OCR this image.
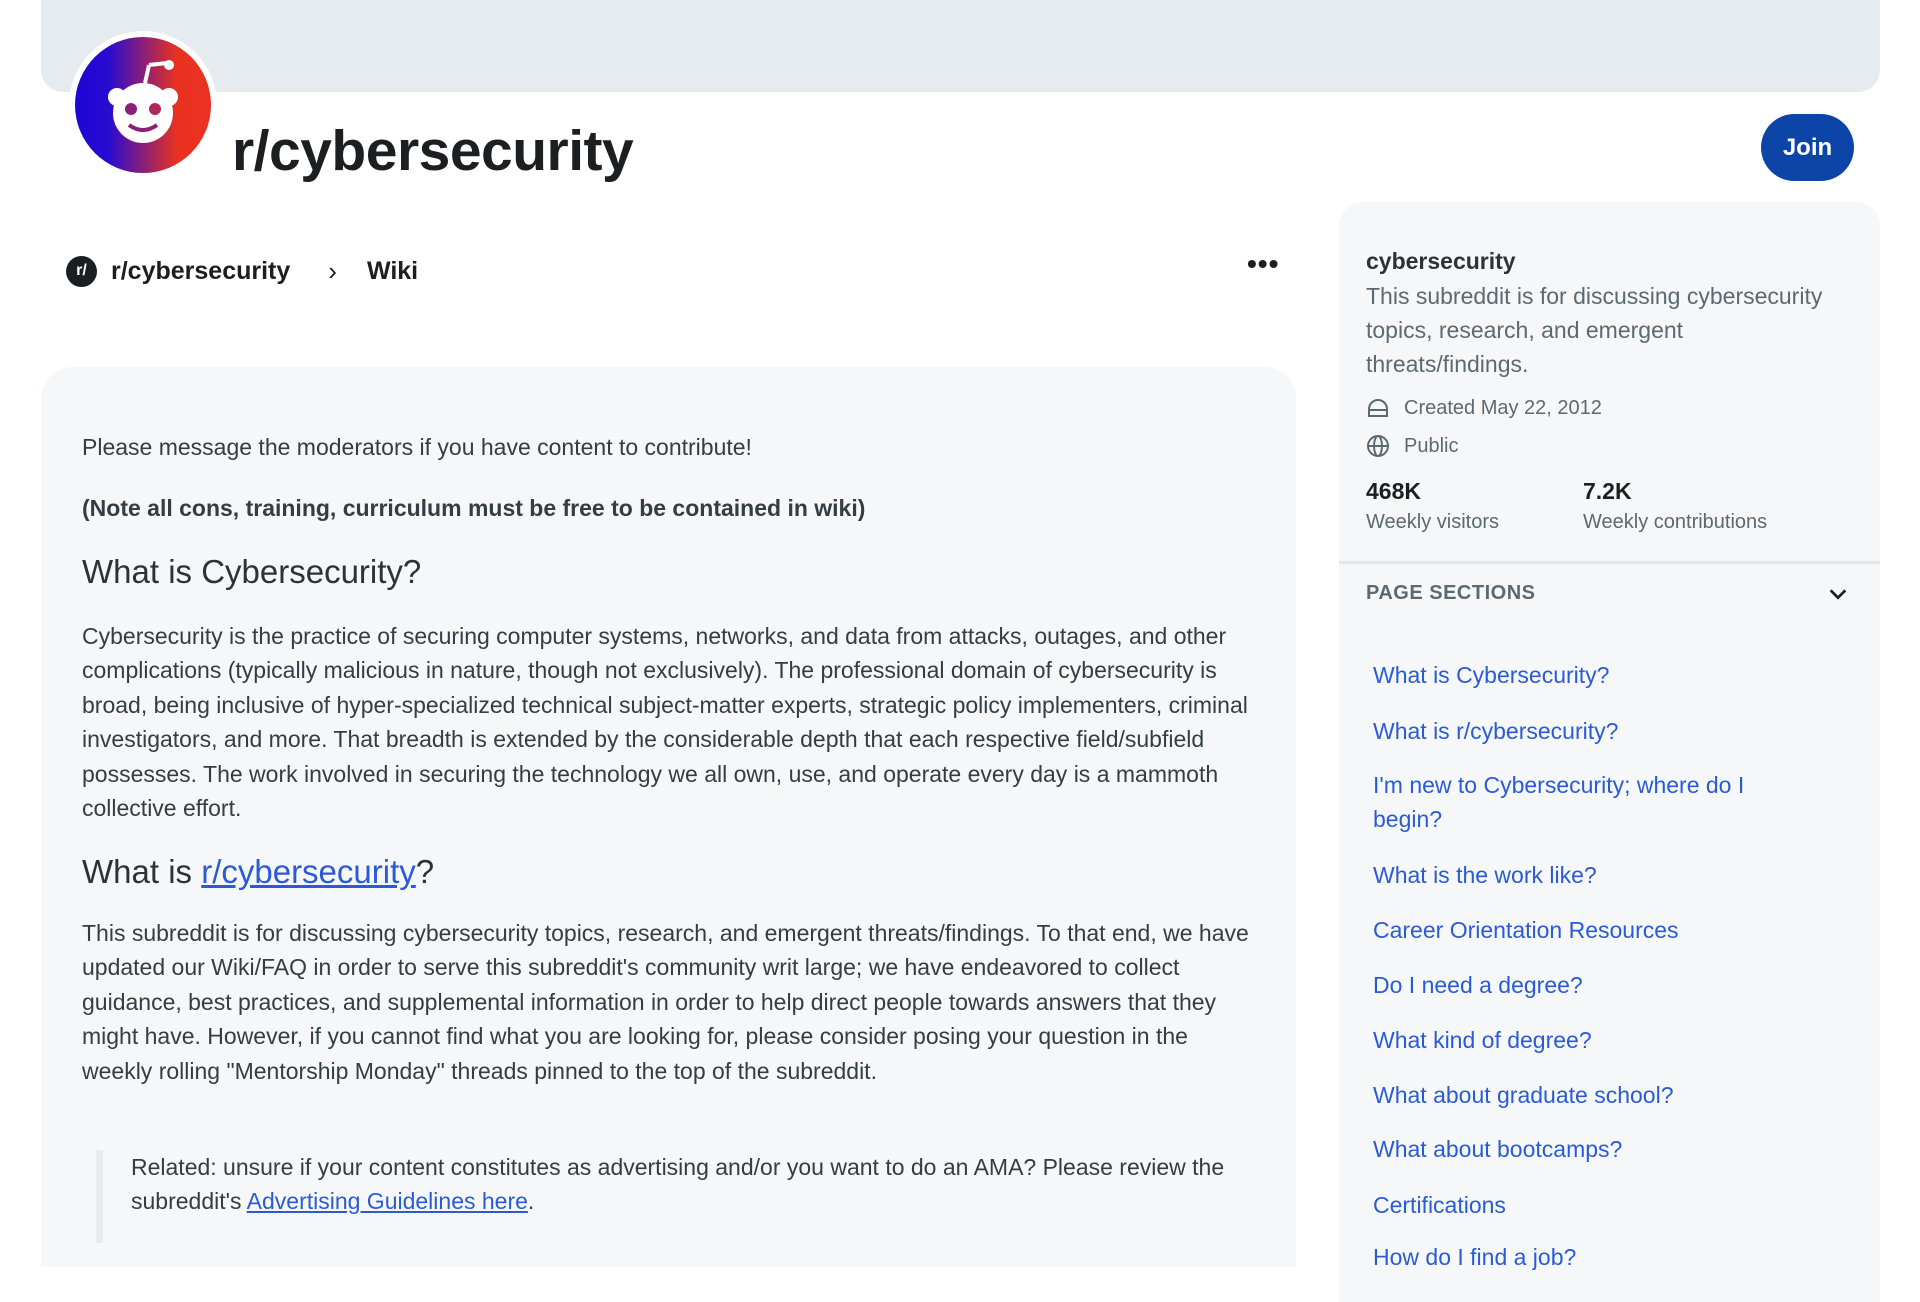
r/cybersecurity	Join
r/ r/cybersecurity › Wiki	•••

Please message the moderators if you have content to contribute!

(Note all cons, training, curriculum must be free to be contained in wiki)

What is Cybersecurity?

Cybersecurity is the practice of securing computer systems, networks, and data from attacks, outages, and other complications (typically malicious in nature, though not exclusively). The professional domain of cybersecurity is broad, being inclusive of hyper-specialized technical subject-matter experts, strategic policy implementers, criminal investigators, and more. That breadth is extended by the considerable depth that each respective field/subfield possesses. The work involved in securing the technology we all own, use, and operate every day is a mammoth collective effort.

What is r/cybersecurity?

This subreddit is for discussing cybersecurity topics, research, and emergent threats/findings. To that end, we have updated our Wiki/FAQ in order to serve this subreddit's community writ large; we have endeavored to collect guidance, best practices, and supplemental information in order to help direct people towards answers that they might have. However, if you cannot find what you are looking for, please consider posing your question in the weekly rolling "Mentorship Monday" threads pinned to the top of the subreddit.

Related: unsure if your content constitutes as advertising and/or you want to do an AMA? Please review the subreddit's Advertising Guidelines here.

cybersecurity
This subreddit is for discussing cybersecurity topics, research, and emergent threats/findings.
Created May 22, 2012
Public
468K
Weekly visitors
7.2K
Weekly contributions
PAGE SECTIONS
What is Cybersecurity?
What is r/cybersecurity?
I'm new to Cybersecurity; where do I begin?
What is the work like?
Career Orientation Resources
Do I need a degree?
What kind of degree?
What about graduate school?
What about bootcamps?
Certifications
How do I find a job?
